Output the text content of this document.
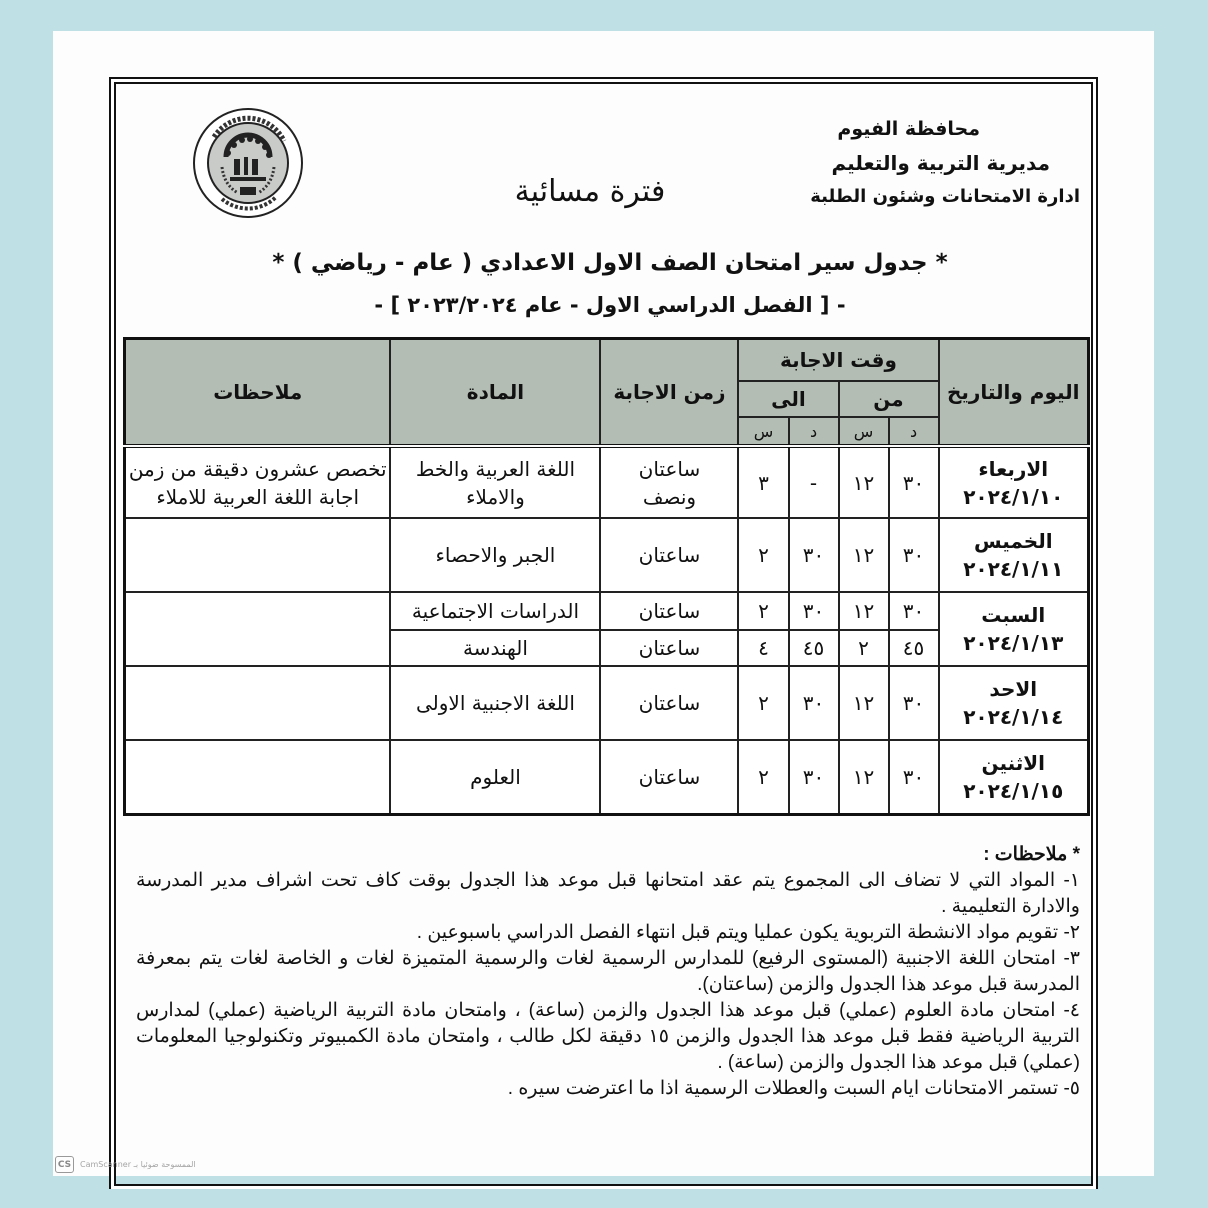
محافظة الفيوم
مديرية التربية والتعليم
ادارة الامتحانات وشئون الطلبة
فترة مسائية
* جدول سير امتحان الصف الاول الاعدادي ( عام - رياضي ) *
- [ الفصل الدراسي الاول - عام ٢٠٢٣/٢٠٢٤ ] -
اليوم والتاريخ	وقت الاجابة				زمن الاجابة	المادة	ملاحظات
	من		الى				
	د	س	د	س			

الاربعاء
٢٠٢٤/١/١٠	٣٠	١٢	-	٣	ساعتان ونصف	اللغة العربية والخط والاملاء	تخصص عشرون دقيقة من زمن اجابة اللغة العربية للاملاء

الخميس
٢٠٢٤/١/١١	٣٠	١٢	٣٠	٢	ساعتان	الجبر والاحصاء	

السبت
٢٠٢٤/١/١٣	٣٠	١٢	٣٠	٢	ساعتان	الدراسات الاجتماعية	
	٤٥	٢	٤٥	٤	ساعتان	الهندسة	

الاحد
٢٠٢٤/١/١٤	٣٠	١٢	٣٠	٢	ساعتان	اللغة الاجنبية الاولى	

الاثنين
٢٠٢٤/١/١٥	٣٠	١٢	٣٠	٢	ساعتان	العلوم	

* ملاحظات :

١- المواد التي لا تضاف الى المجموع يتم عقد امتحانها قبل موعد هذا الجدول بوقت كاف تحت اشراف مدير المدرسة والادارة التعليمية .

٢- تقويم مواد الانشطة التربوية يكون عمليا ويتم قبل انتهاء الفصل الدراسي باسبوعين .

٣- امتحان اللغة الاجنبية (المستوى الرفيع) للمدارس الرسمية لغات والرسمية المتميزة لغات و الخاصة لغات يتم بمعرفة المدرسة قبل موعد هذا الجدول والزمن (ساعتان).

٤- امتحان مادة العلوم (عملي) قبل موعد هذا الجدول والزمن (ساعة) ، وامتحان مادة التربية الرياضية (عملي) لمدارس التربية الرياضية فقط قبل موعد هذا الجدول والزمن ١٥ دقيقة لكل طالب ، وامتحان مادة الكمبيوتر وتكنولوجيا المعلومات (عملي) قبل موعد هذا الجدول والزمن (ساعة) .

٥- تستمر الامتحانات ايام السبت والعطلات الرسمية اذا ما اعترضت سيره .

CS	CamScanner الممسوحة ضوئيا بـ
